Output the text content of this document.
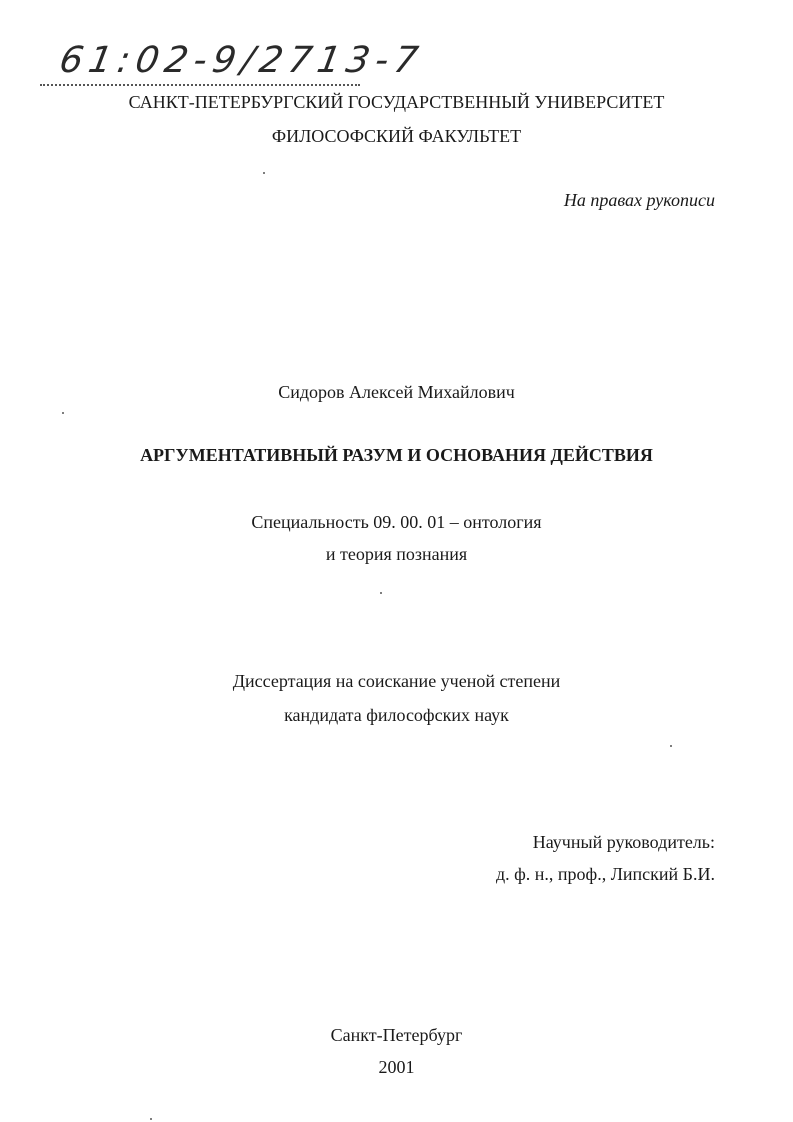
61:02-9/2713-7
САНКТ-ПЕТЕРБУРГСКИЙ ГОСУДАРСТВЕННЫЙ УНИВЕРСИТЕТ
ФИЛОСОФСКИЙ ФАКУЛЬТЕТ
На правах рукописи
Сидоров Алексей Михайлович
АРГУМЕНТАТИВНЫЙ РАЗУМ И ОСНОВАНИЯ ДЕЙСТВИЯ
Специальность 09. 00. 01 – онтология
и теория познания
Диссертация на соискание ученой степени
кандидата философских наук
Научный руководитель:
д. ф. н., проф., Липский Б.И.
Санкт-Петербург
2001
